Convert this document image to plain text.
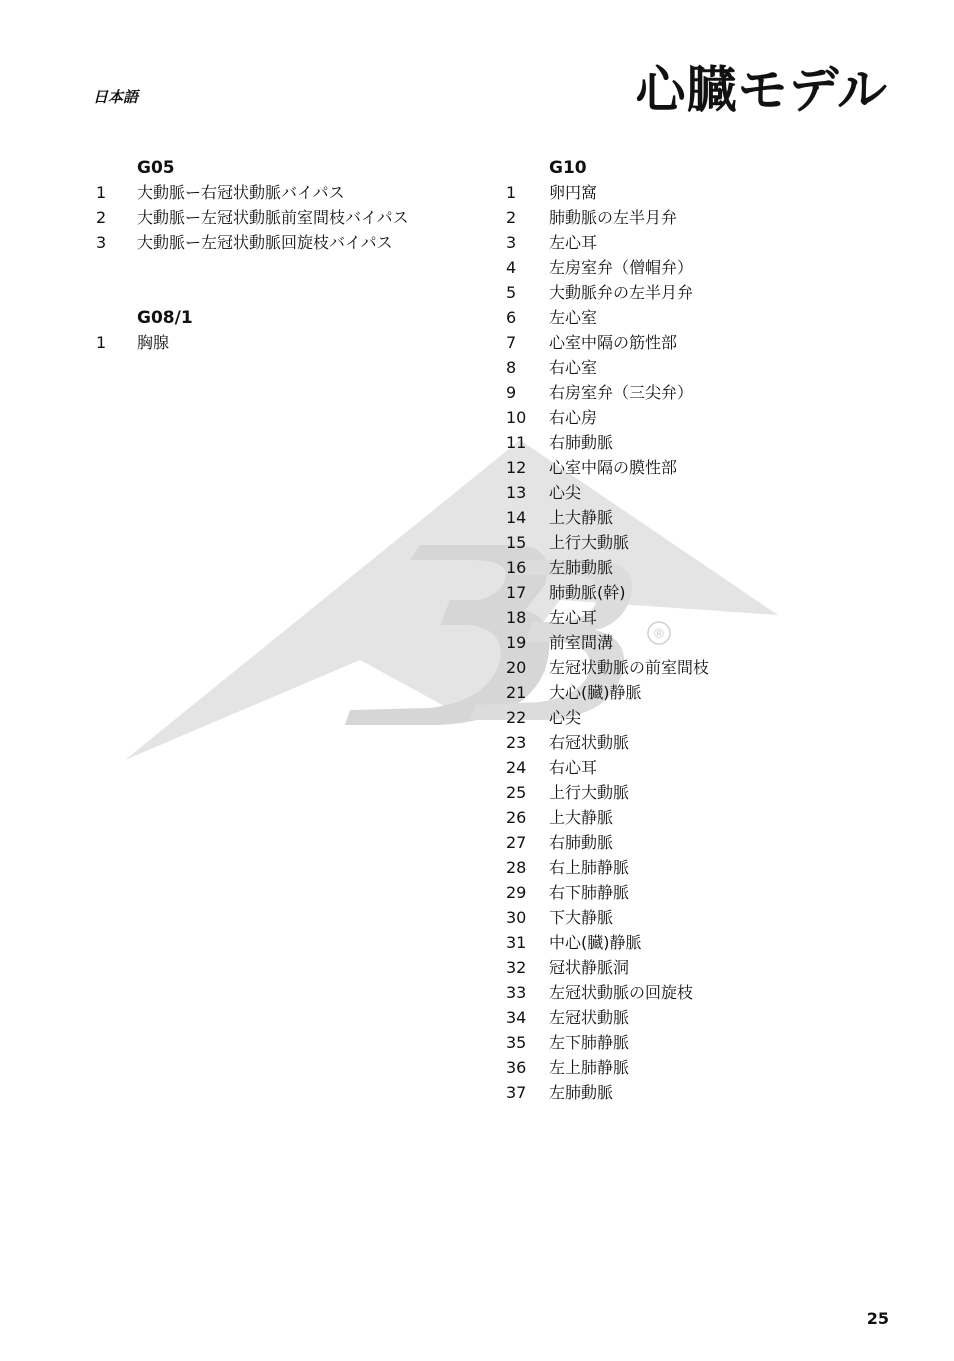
®
日本語	心臓モデル
G05
1 大動脈ー右冠状動脈バイパス
2 大動脈ー左冠状動脈前室間枝バイパス
3 大動脈ー左冠状動脈回旋枝バイパス
G08/1
1 胸腺
G10
1 卵円窩
2 肺動脈の左半月弁
3 左心耳
4 左房室弁（僧帽弁）
5 大動脈弁の左半月弁
6 左心室
7 心室中隔の筋性部
8 右心室
9 右房室弁（三尖弁）
10 右心房
11 右肺動脈
12 心室中隔の膜性部
13 心尖
14 上大静脈
15 上行大動脈
16 左肺動脈
17 肺動脈(幹)
18 左心耳
19 前室間溝
20 左冠状動脈の前室間枝
21 大心(臓)静脈
22 心尖
23 右冠状動脈
24 右心耳
25 上行大動脈
26 上大静脈
27 右肺動脈
28 右上肺静脈
29 右下肺静脈
30 下大静脈
31 中心(臓)静脈
32 冠状静脈洞
33 左冠状動脈の回旋枝
34 左冠状動脈
35 左下肺静脈
36 左上肺静脈
37 左肺動脈
25
